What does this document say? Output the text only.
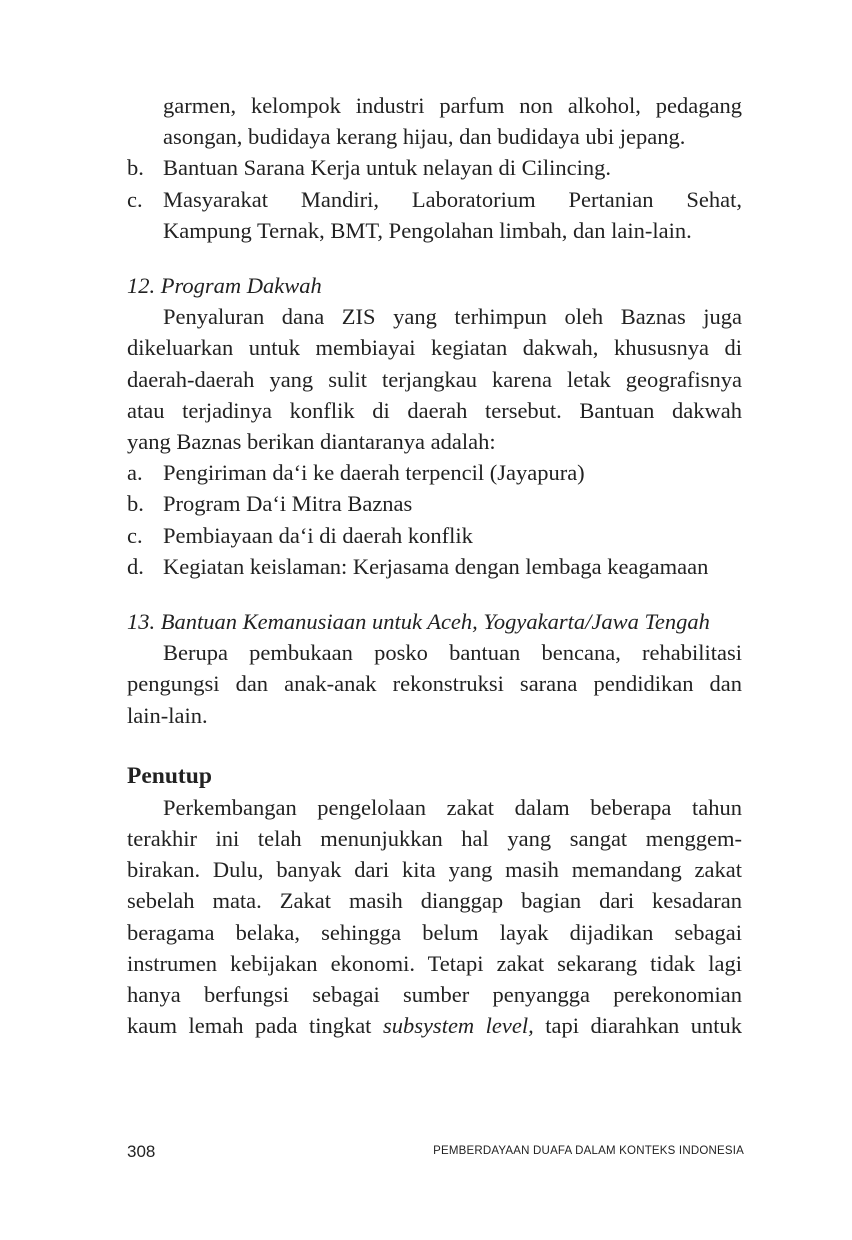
garmen, kelompok industri parfum non alkohol, pedagang
asongan, budidaya kerang hijau, dan budidaya ubi jepang.
b. Bantuan Sarana Kerja untuk nelayan di Cilincing.
c. Masyarakat Mandiri, Laboratorium Pertanian Sehat,
Kampung Ternak, BMT, Pengolahan limbah, dan lain-lain.
12. Program Dakwah
Penyaluran dana ZIS yang terhimpun oleh Baznas juga
dikeluarkan untuk membiayai kegiatan dakwah, khususnya di
daerah-daerah yang sulit terjangkau karena letak geografisnya
atau terjadinya konflik di daerah tersebut. Bantuan dakwah
yang Baznas berikan diantaranya adalah:
a. Pengiriman da‘i ke daerah terpencil (Jayapura)
b. Program Da‘i Mitra Baznas
c. Pembiayaan da‘i di daerah konflik
d. Kegiatan keislaman: Kerjasama dengan lembaga keagamaan
13. Bantuan Kemanusiaan untuk Aceh, Yogyakarta/Jawa Tengah
Berupa pembukaan posko bantuan bencana, rehabilitasi
pengungsi dan anak-anak rekonstruksi sarana pendidikan dan
lain-lain.
Penutup
Perkembangan pengelolaan zakat dalam beberapa tahun
terakhir ini telah menunjukkan hal yang sangat menggem-
birakan. Dulu, banyak dari kita yang masih memandang zakat
sebelah mata. Zakat masih dianggap bagian dari kesadaran
beragama belaka, sehingga belum layak dijadikan sebagai
instrumen kebijakan ekonomi. Tetapi zakat sekarang tidak lagi
hanya berfungsi sebagai sumber penyangga perekonomian
kaum lemah pada tingkat subsystem level, tapi diarahkan untuk
308	PEMBERDAYAAN DUAFA DALAM KONTEKS INDONESIA
